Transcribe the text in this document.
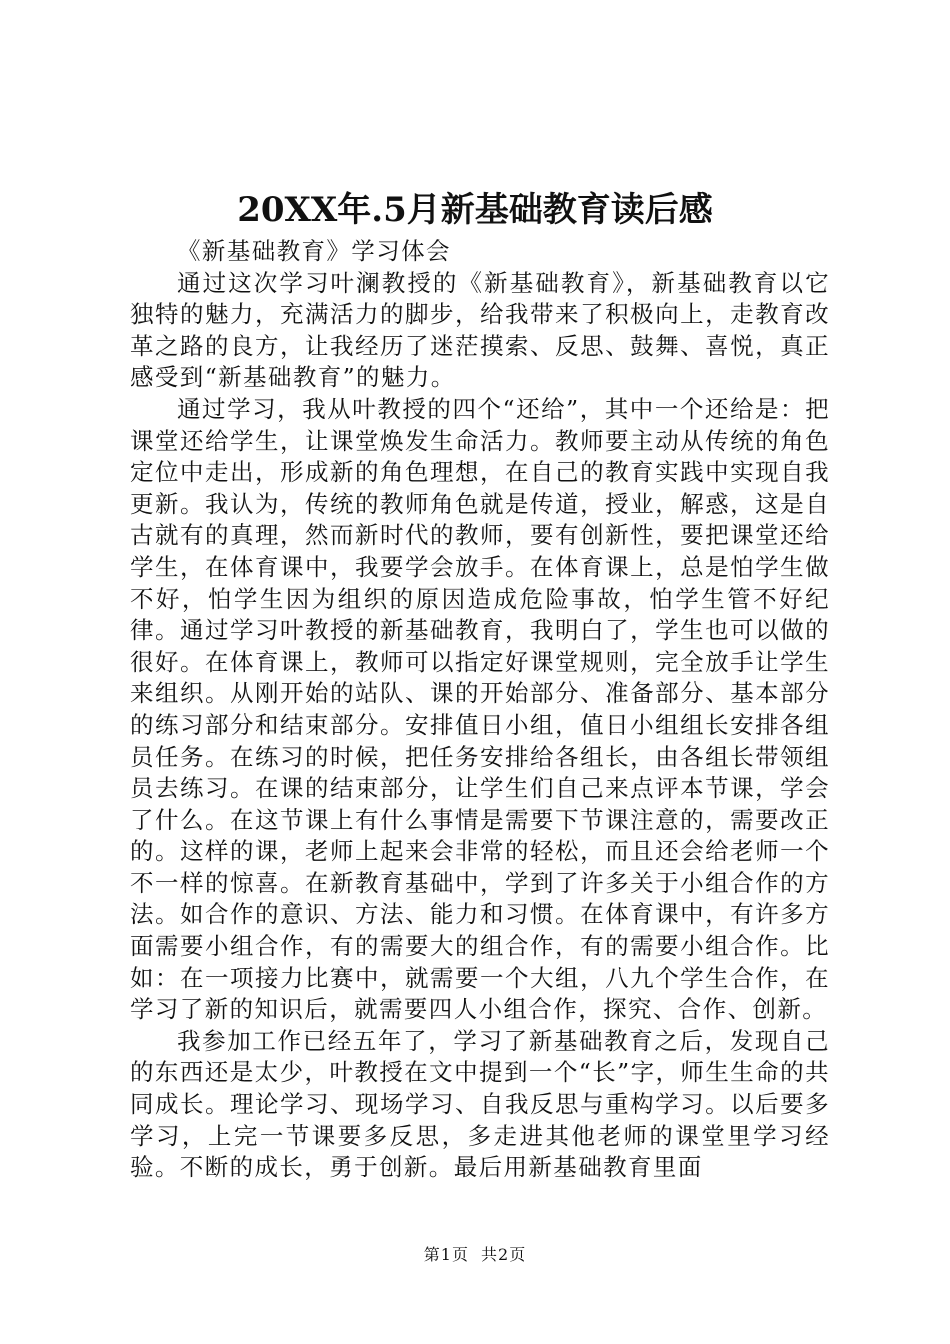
20XX年.5月新基础教育读后感

《新基础教育》学习体会

通过这次学习叶澜教授的《新基础教育》，新基础教育以它独特的魅力，充满活力的脚步，给我带来了积极向上，走教育改革之路的良方，让我经历了迷茫摸索、反思、鼓舞、喜悦，真正感受到“新基础教育”的魅力。

通过学习，我从叶教授的四个“还给”，其中一个还给是：把课堂还给学生，让课堂焕发生命活力。教师要主动从传统的角色定位中走出，形成新的角色理想，在自己的教育实践中实现自我更新。我认为，传统的教师角色就是传道，授业，解惑，这是自古就有的真理，然而新时代的教师，要有创新性，要把课堂还给学生，在体育课中，我要学会放手。在体育课上，总是怕学生做不好，怕学生因为组织的原因造成危险事故，怕学生管不好纪律。通过学习叶教授的新基础教育，我明白了，学生也可以做的很好。在体育课上，教师可以指定好课堂规则，完全放手让学生来组织。从刚开始的站队、课的开始部分、准备部分、基本部分的练习部分和结束部分。安排值日小组，值日小组组长安排各组员任务。在练习的时候，把任务安排给各组长，由各组长带领组员去练习。在课的结束部分，让学生们自己来点评本节课，学会了什么。在这节课上有什么事情是需要下节课注意的，需要改正的。这样的课，老师上起来会非常的轻松，而且还会给老师一个不一样的惊喜。在新教育基础中，学到了许多关于小组合作的方法。如合作的意识、方法、能力和习惯。在体育课中，有许多方面需要小组合作，有的需要大的组合作，有的需要小组合作。比如：在一项接力比赛中，就需要一个大组，八九个学生合作，在学习了新的知识后，就需要四人小组合作，探究、合作、创新。

我参加工作已经五年了，学习了新基础教育之后，发现自己的东西还是太少，叶教授在文中提到一个“长”字，师生生命的共同成长。理论学习、现场学习、自我反思与重构学习。以后要多学习，上完一节课要多反思，多走进其他老师的课堂里学习经验。不断的成长，勇于创新。最后用新基础教育里面

第1页 共2页
